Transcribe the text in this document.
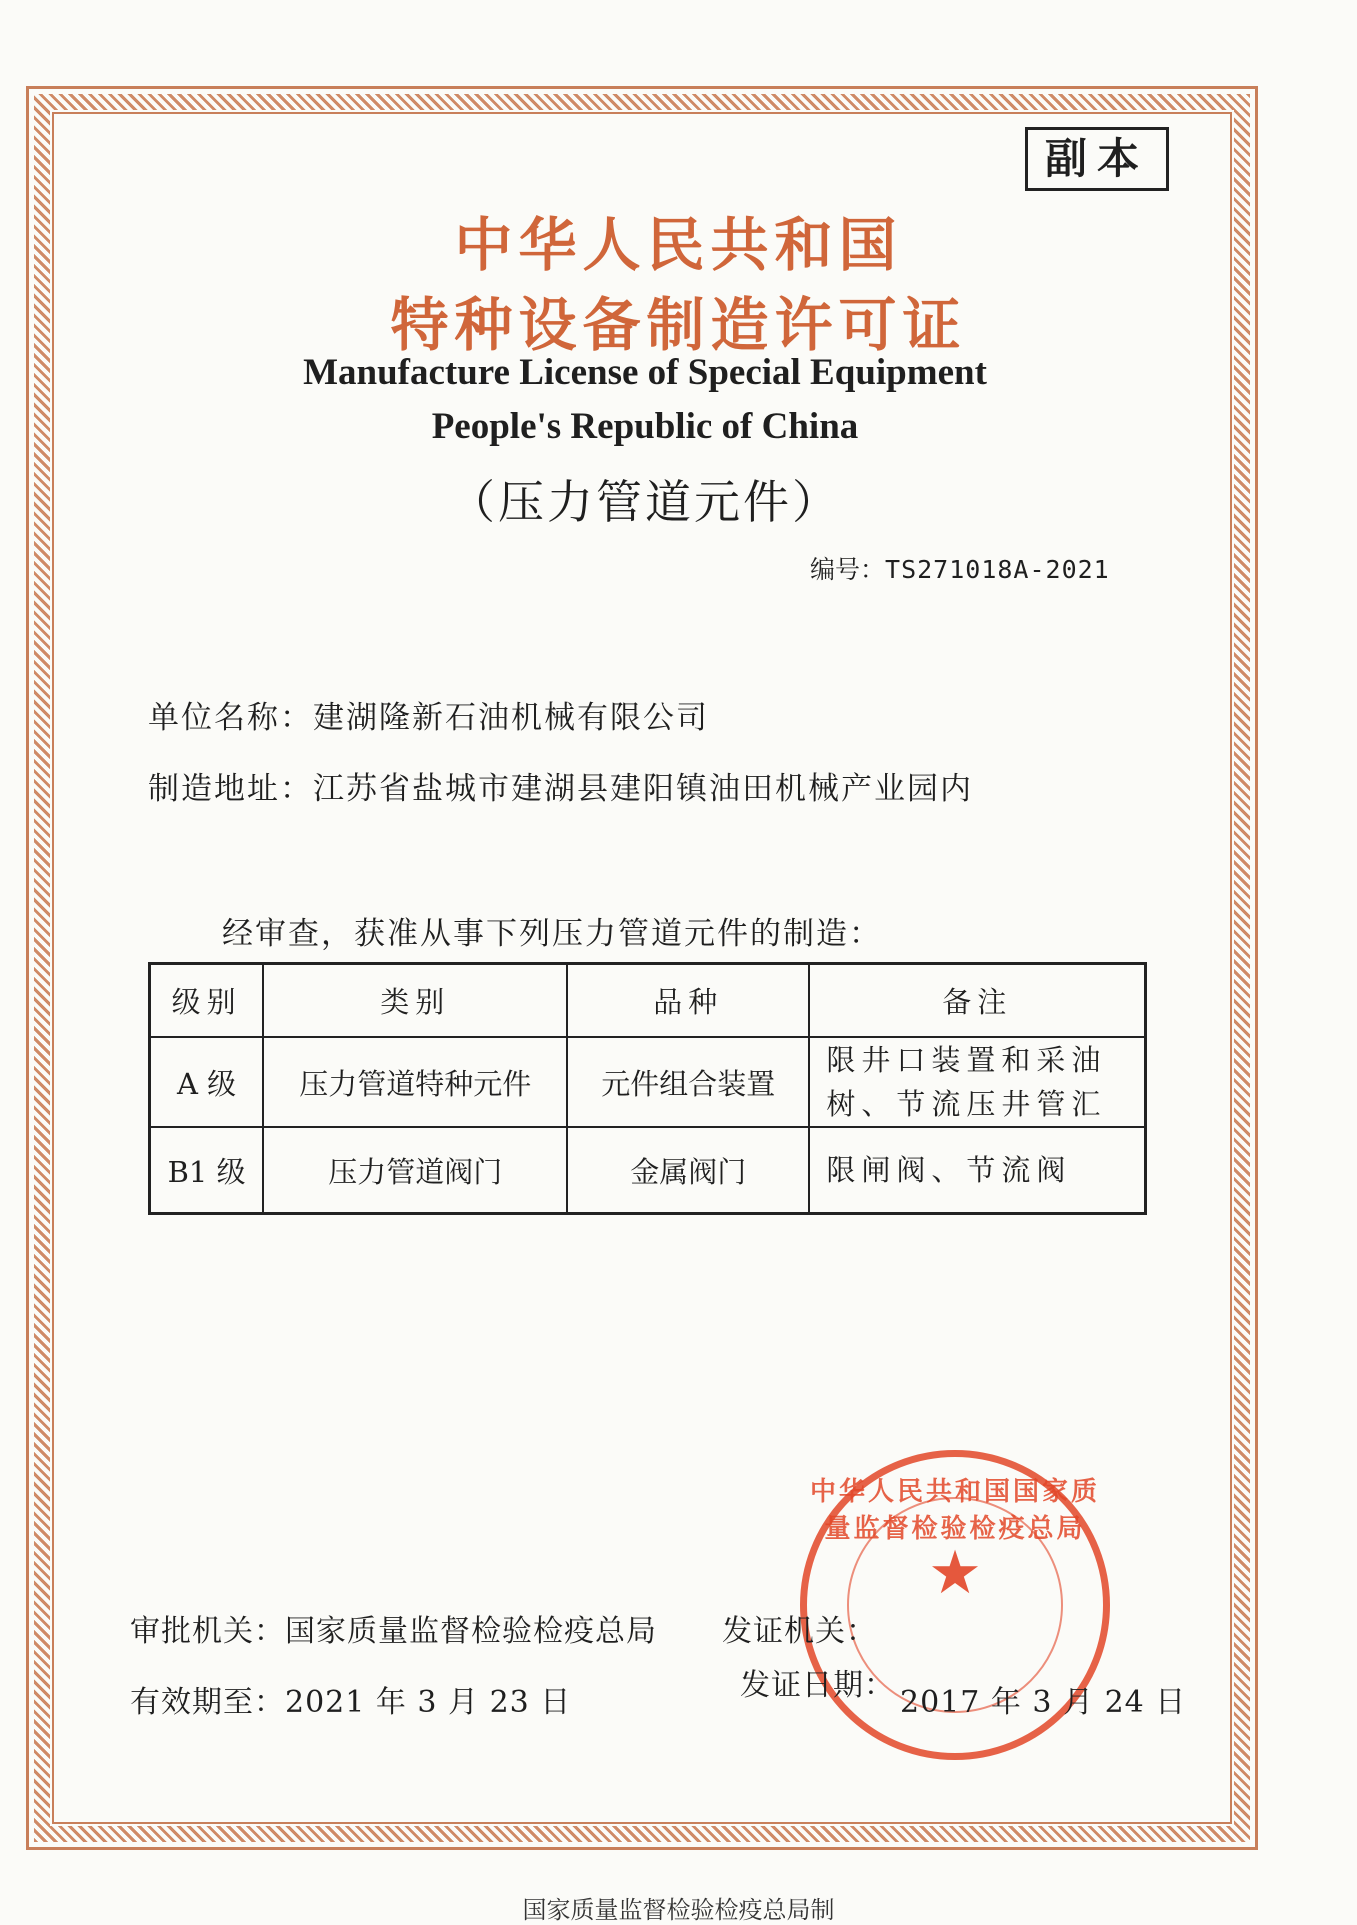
副本
中华人民共和国
特种设备制造许可证
Manufacture License of Special Equipment
People's Republic of China
（压力管道元件）
编号：TS271018A-2021
单位名称：建湖隆新石油机械有限公司
制造地址：江苏省盐城市建湖县建阳镇油田机械产业园内
经审查，获准从事下列压力管道元件的制造：
级别	类别	品种	备注
A 级	压力管道特种元件	元件组合装置	限井口装置和采油树、节流压井管汇
B1 级	压力管道阀门	金属阀门	限闸阀、节流阀
中华人民共和国国家质量监督检验检疫总局
★
审批机关：国家质量监督检验检疫总局
有效期至：2021 年 3 月 23 日
发证机关：
发证日期： 2017 年 3 月 24 日
国家质量监督检验检疫总局制
